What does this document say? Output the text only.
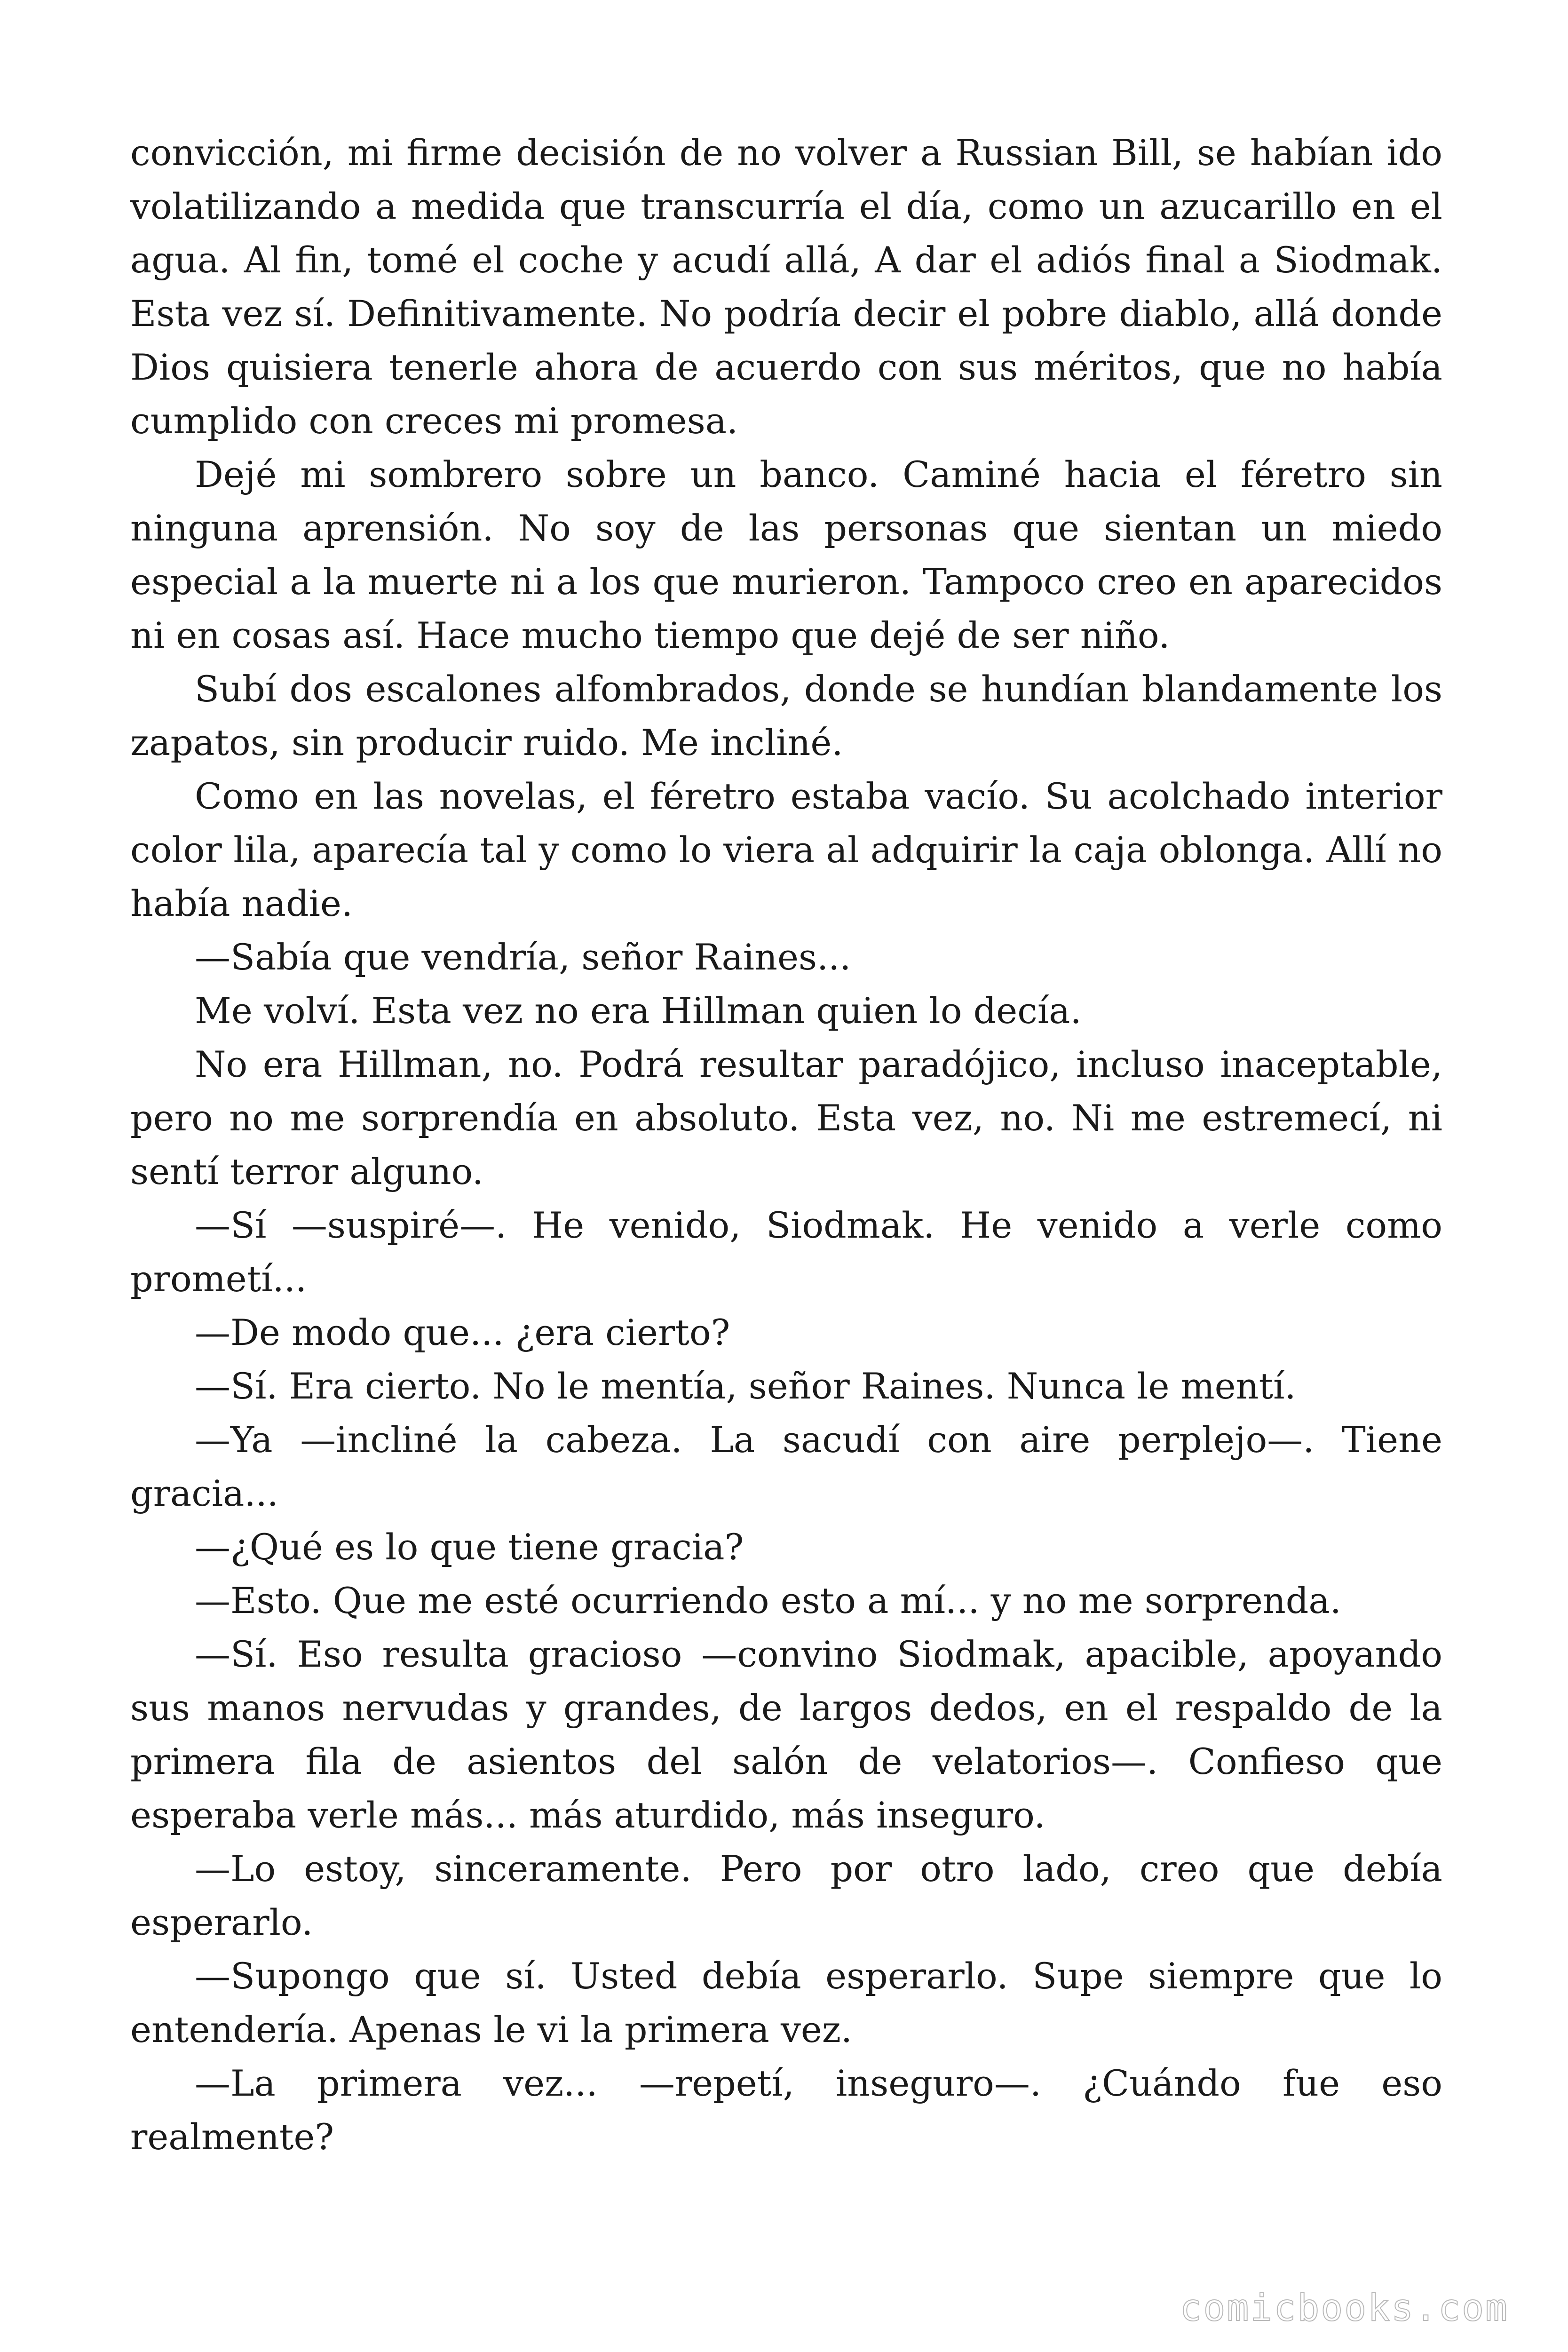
convicción, mi firme decisión de no volver a Russian Bill, se habían ido volatilizando a medida que transcurría el día, como un azucarillo en el agua. Al fin, tomé el coche y acudí allá, A dar el adiós final a Siodmak. Esta vez sí. Definitivamente. No podría decir el pobre diablo, allá donde Dios quisiera tenerle ahora de acuerdo con sus méritos, que no había cumplido con creces mi promesa.

Dejé mi sombrero sobre un banco. Caminé hacia el féretro sin ninguna aprensión. No soy de las personas que sientan un miedo especial a la muerte ni a los que murieron. Tampoco creo en aparecidos ni en cosas así. Hace mucho tiempo que dejé de ser niño.

Subí dos escalones alfombrados, donde se hundían blandamente los zapatos, sin producir ruido. Me incliné.

Como en las novelas, el féretro estaba vacío. Su acolchado interior color lila, aparecía tal y como lo viera al adquirir la caja oblonga. Allí no había nadie.

—Sabía que vendría, señor Raines...

Me volví. Esta vez no era Hillman quien lo decía.

No era Hillman, no. Podrá resultar paradójico, incluso inaceptable, pero no me sorprendía en absoluto. Esta vez, no. Ni me estremecí, ni sentí terror alguno.

—Sí —suspiré—. He venido, Siodmak. He venido a verle como prometí...

—De modo que... ¿era cierto?

—Sí. Era cierto. No le mentía, señor Raines. Nunca le mentí.

—Ya —incliné la cabeza. La sacudí con aire perplejo—. Tiene gracia...

—¿Qué es lo que tiene gracia?

—Esto. Que me esté ocurriendo esto a mí... y no me sorprenda.

—Sí. Eso resulta gracioso —convino Siodmak, apacible, apoyando sus manos nervudas y grandes, de largos dedos, en el respaldo de la primera fila de asientos del salón de velatorios—. Confieso que esperaba verle más... más aturdido, más inseguro.

—Lo estoy, sinceramente. Pero por otro lado, creo que debía esperarlo.

—Supongo que sí. Usted debía esperarlo. Supe siempre que lo entendería. Apenas le vi la primera vez.

—La primera vez... —repetí, inseguro—. ¿Cuándo fue eso realmente?

comicbooks.com
